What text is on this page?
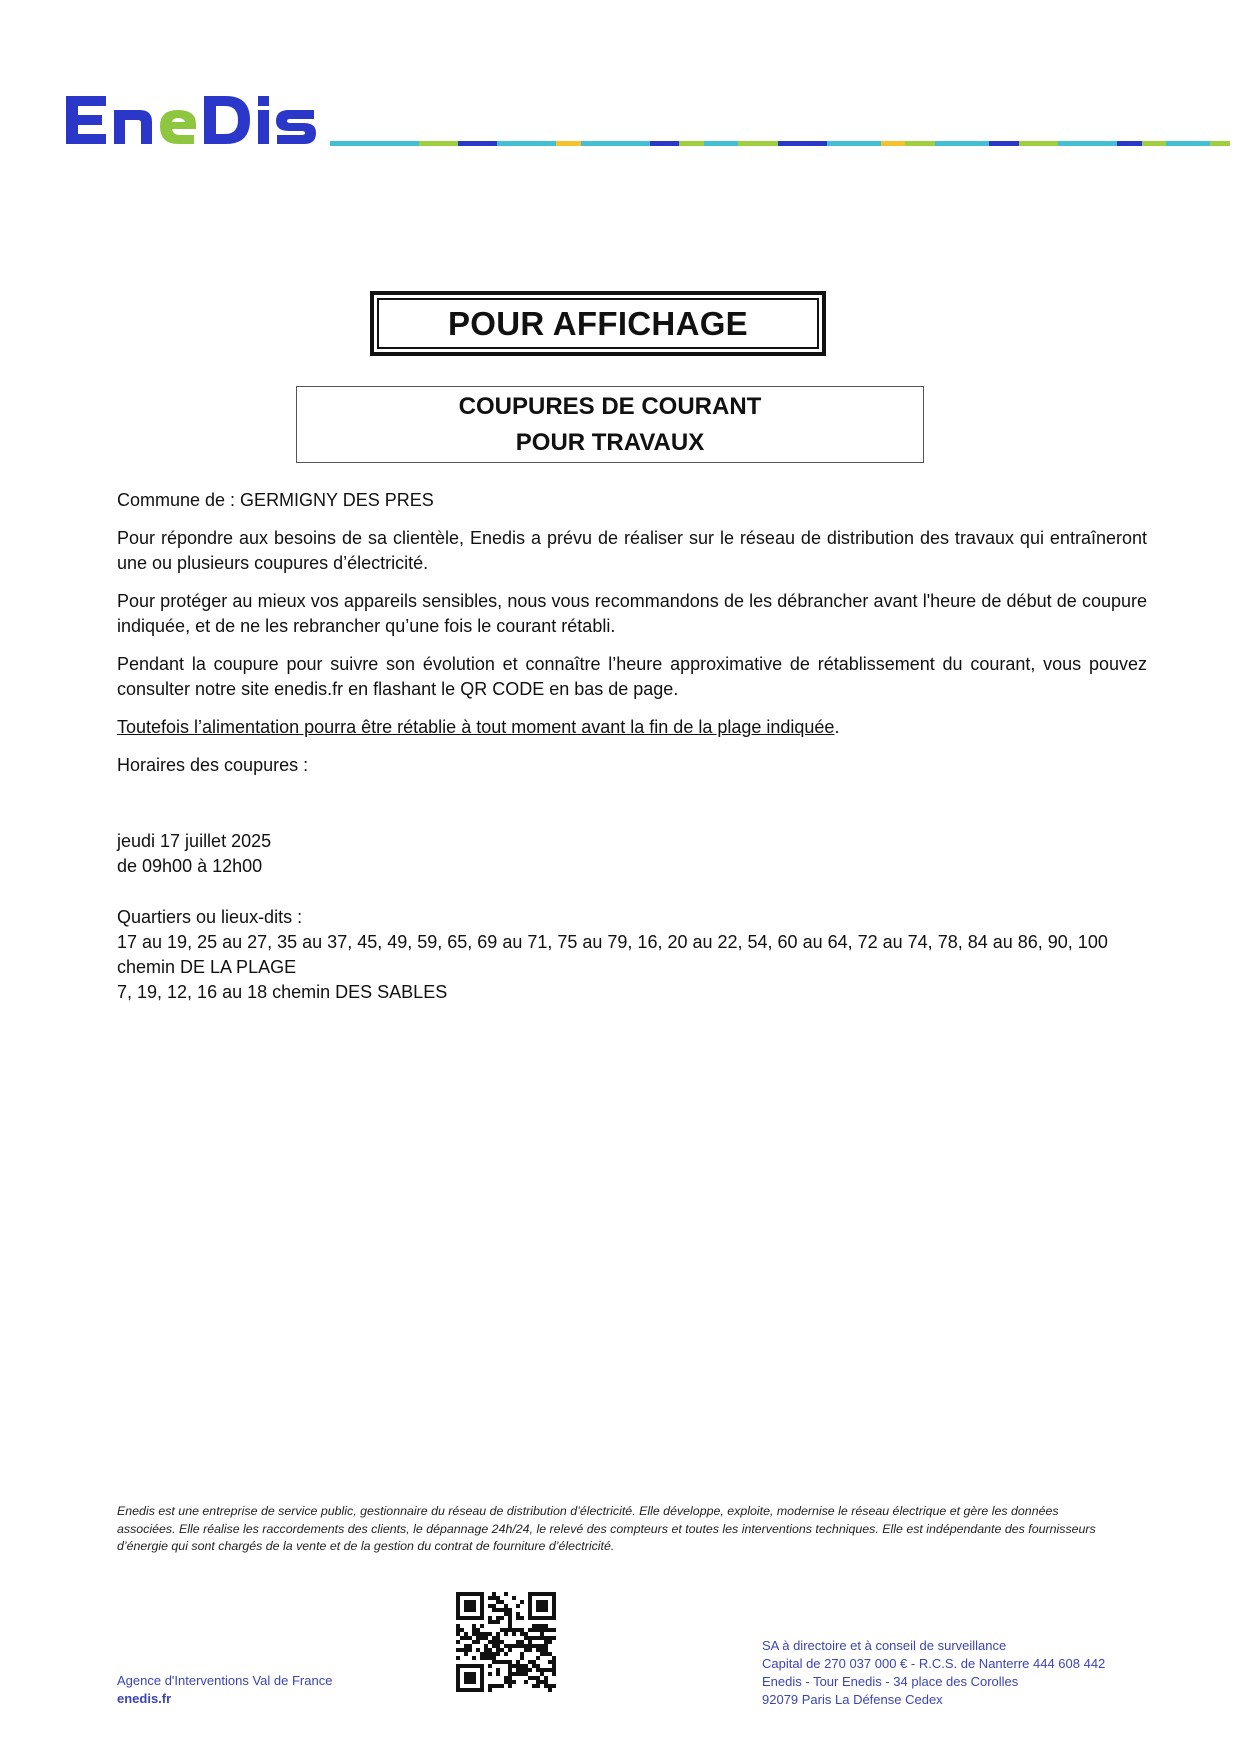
POUR AFFICHAGE
COUPURES DE COURANT
POUR TRAVAUX
Commune de : GERMIGNY DES PRES
Pour répondre aux besoins de sa clientèle, Enedis a prévu de réaliser sur le réseau de distribution des travaux qui entraîneront une ou plusieurs coupures d’électricité.
Pour protéger au mieux vos appareils sensibles, nous vous recommandons de les débrancher avant l'heure de début de coupure indiquée, et de ne les rebrancher qu’une fois le courant rétabli.
Pendant la coupure pour suivre son évolution et connaître l’heure approximative de rétablissement du courant, vous pouvez consulter notre site enedis.fr en flashant le QR CODE en bas de page.
Toutefois l’alimentation pourra être rétablie à tout moment avant la fin de la plage indiquée.
Horaires des coupures :
jeudi 17 juillet 2025
de 09h00 à 12h00
Quartiers ou lieux-dits :
17 au 19, 25 au 27, 35 au 37, 45, 49, 59, 65, 69 au 71, 75 au 79, 16, 20 au 22, 54, 60 au 64, 72 au 74, 78, 84 au 86, 90, 100 chemin DE LA PLAGE
7, 19, 12, 16 au 18 chemin DES SABLES
Enedis est une entreprise de service public, gestionnaire du réseau de distribution d’électricité. Elle développe, exploite, modernise le réseau électrique et gère les données associées. Elle réalise les raccordements des clients, le dépannage 24h/24, le relevé des compteurs et toutes les interventions techniques. Elle est indépendante des fournisseurs d’énergie qui sont chargés de la vente et de la gestion du contrat de fourniture d’électricité.
Agence d'Interventions Val de France
enedis.fr
SA à directoire et à conseil de surveillance
Capital de 270 037 000 € - R.C.S. de Nanterre 444 608 442
Enedis - Tour Enedis - 34 place des Corolles
92079 Paris La Défense Cedex
